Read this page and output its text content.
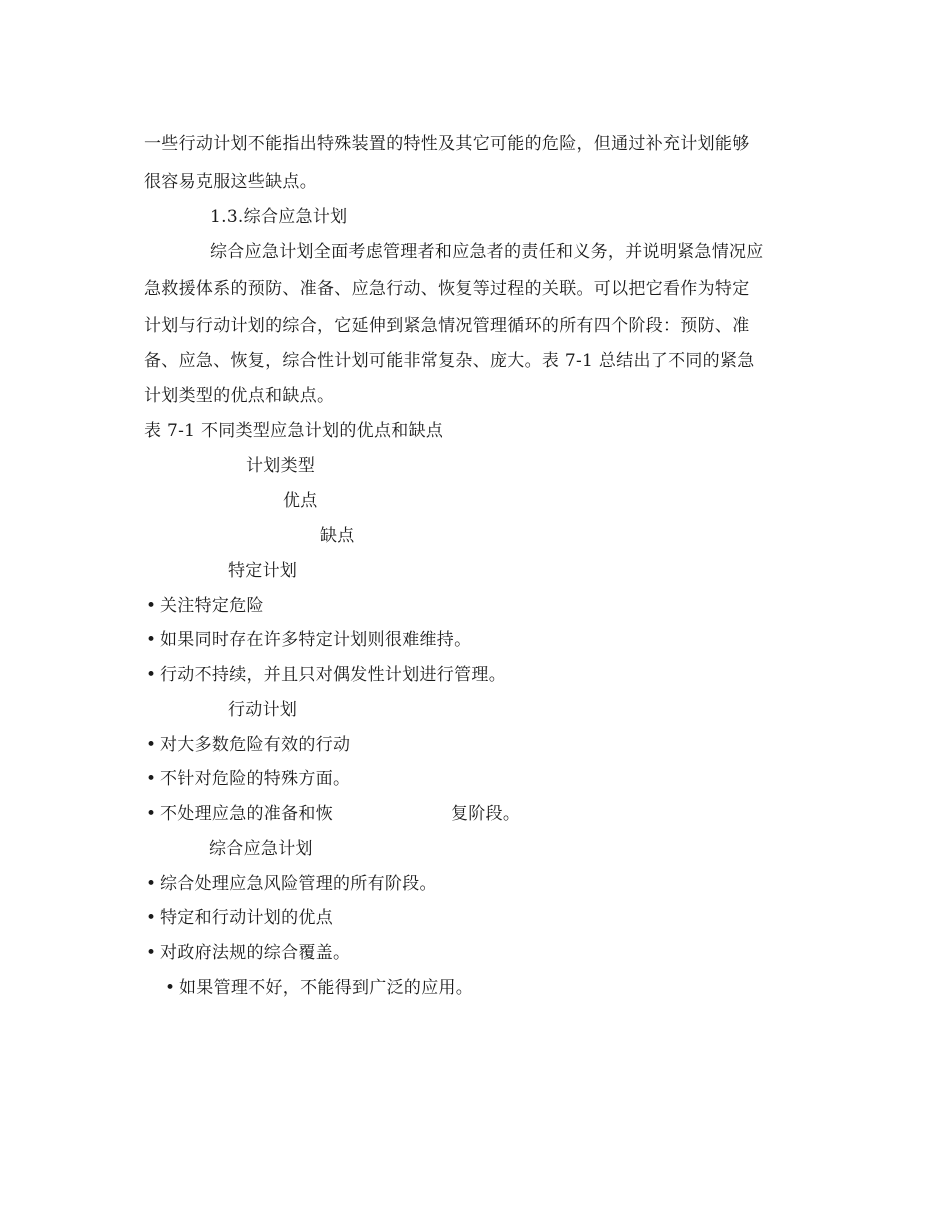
一些行动计划不能指出特殊装置的特性及其它可能的危险，但通过补充计划能够
很容易克服这些缺点。
1.3.综合应急计划
综合应急计划全面考虑管理者和应急者的责任和义务，并说明紧急情况应
急救援体系的预防、准备、应急行动、恢复等过程的关联。可以把它看作为特定
计划与行动计划的综合，它延伸到紧急情况管理循环的所有四个阶段：预防、准
备、应急、恢复，综合性计划可能非常复杂、庞大。表 7-1 总结出了不同的紧急
计划类型的优点和缺点。
表 7-1 不同类型应急计划的优点和缺点
计划类型
优点
缺点
特定计划
• 关注特定危险
• 如果同时存在许多特定计划则很难维持。
• 行动不持续，并且只对偶发性计划进行管理。
行动计划
• 对大多数危险有效的行动
• 不针对危险的特殊方面。
• 不处理应急的准备和恢	复阶段。
综合应急计划
• 综合处理应急风险管理的所有阶段。
• 特定和行动计划的优点
• 对政府法规的综合覆盖。
• 如果管理不好，不能得到广泛的应用。
